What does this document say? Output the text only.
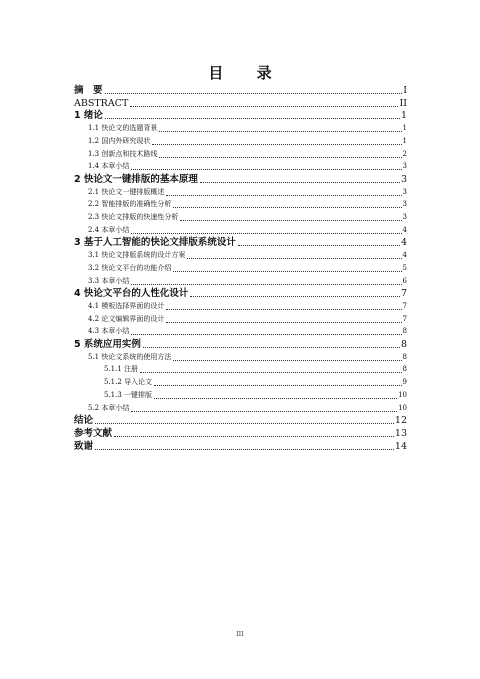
目 录
摘　要	I
ABSTRACT	II
1 绪论	1
1.1 快论文的选题背景	1
1.2 国内外研究现状	1
1.3 创新点和技术路线	2
1.4 本章小结	3
2 快论文一键排版的基本原理	3
2.1 快论文一键排版概述	3
2.2 智能排版的准确性分析	3
2.3 快论文排版的快速性分析	3
2.4 本章小结	4
3 基于人工智能的快论文排版系统设计	4
3.1 快论文排版系统的设计方案	4
3.2 快论文平台的功能介绍	5
3.3 本章小结	6
4 快论文平台的人性化设计	7
4.1 模板选择界面的设计	7
4.2 论文编辑界面的设计	7
4.3 本章小结	8
5 系统应用实例	8
5.1 快论文系统的使用方法	8
5.1.1 注册	8
5.1.2 导入论文	9
5.1.3 一键排版	10
5.2 本章小结	10
结论	12
参考文献	13
致谢	14
III
